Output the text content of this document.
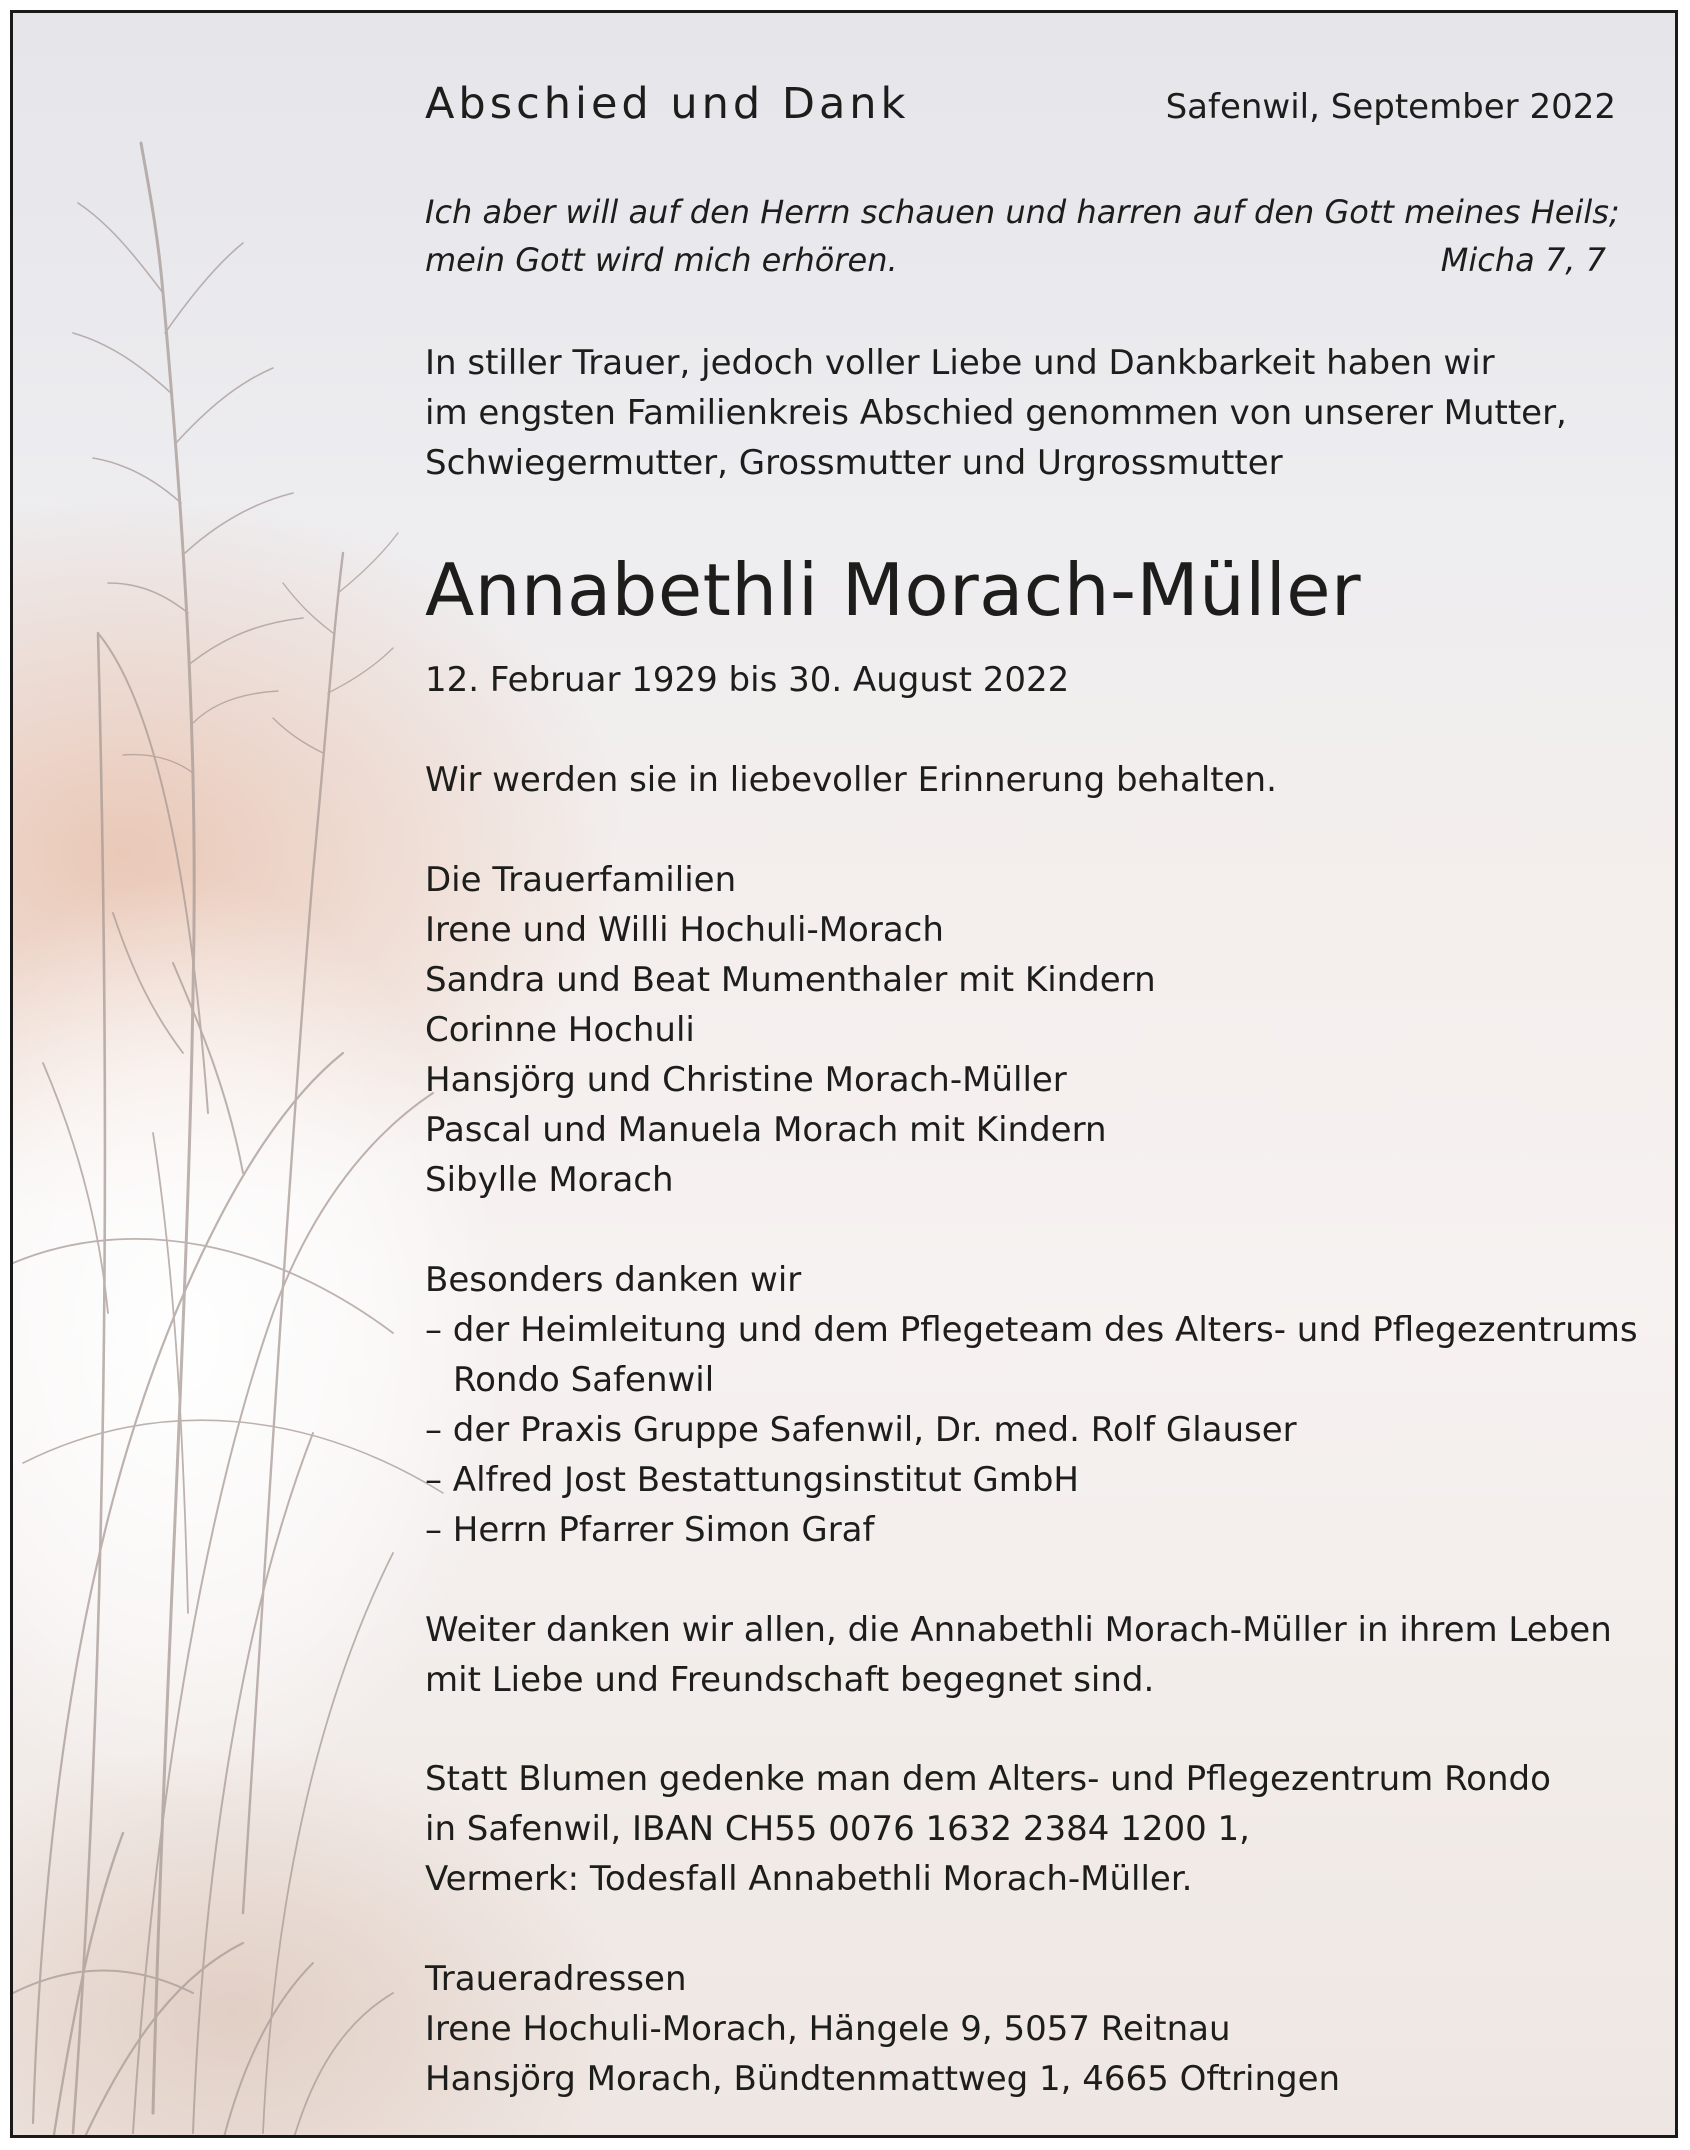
Abschied und Dank	Safenwil, September 2022

Ich aber will auf den Herrn schauen und harren auf den Gott meines Heils;
mein Gott wird mich erhören.	Micha 7, 7
In stiller Trauer, jedoch voller Liebe und Dankbarkeit haben wir
im engsten Familienkreis Abschied genommen von unserer Mutter,
Schwiegermutter, Grossmutter und Urgrossmutter
Annabethli Morach-Müller

12. Februar 1929 bis 30. August 2022

Wir werden sie in liebevoller Erinnerung behalten.

Die Trauerfamilien
Irene und Willi Hochuli-Morach
Sandra und Beat Mumenthaler mit Kindern
Corinne Hochuli
Hansjörg und Christine Morach-Müller
Pascal und Manuela Morach mit Kindern
Sibylle Morach
Besonders danken wir
– der Heimleitung und dem Pflegeteam des Alters- und Pflegezentrums Rondo Safenwil
– der Praxis Gruppe Safenwil, Dr. med. Rolf Glauser
– Alfred Jost Bestattungsinstitut GmbH
– Herrn Pfarrer Simon Graf
Weiter danken wir allen, die Annabethli Morach-Müller in ihrem Leben
mit Liebe und Freundschaft begegnet sind.
Statt Blumen gedenke man dem Alters- und Pflegezentrum Rondo
in Safenwil, IBAN CH55 0076 1632 2384 1200 1,
Vermerk: Todesfall Annabethli Morach-Müller.
Traueradressen
Irene Hochuli-Morach, Hängele 9, 5057 Reitnau
Hansjörg Morach, Bündtenmattweg 1, 4665 Oftringen
